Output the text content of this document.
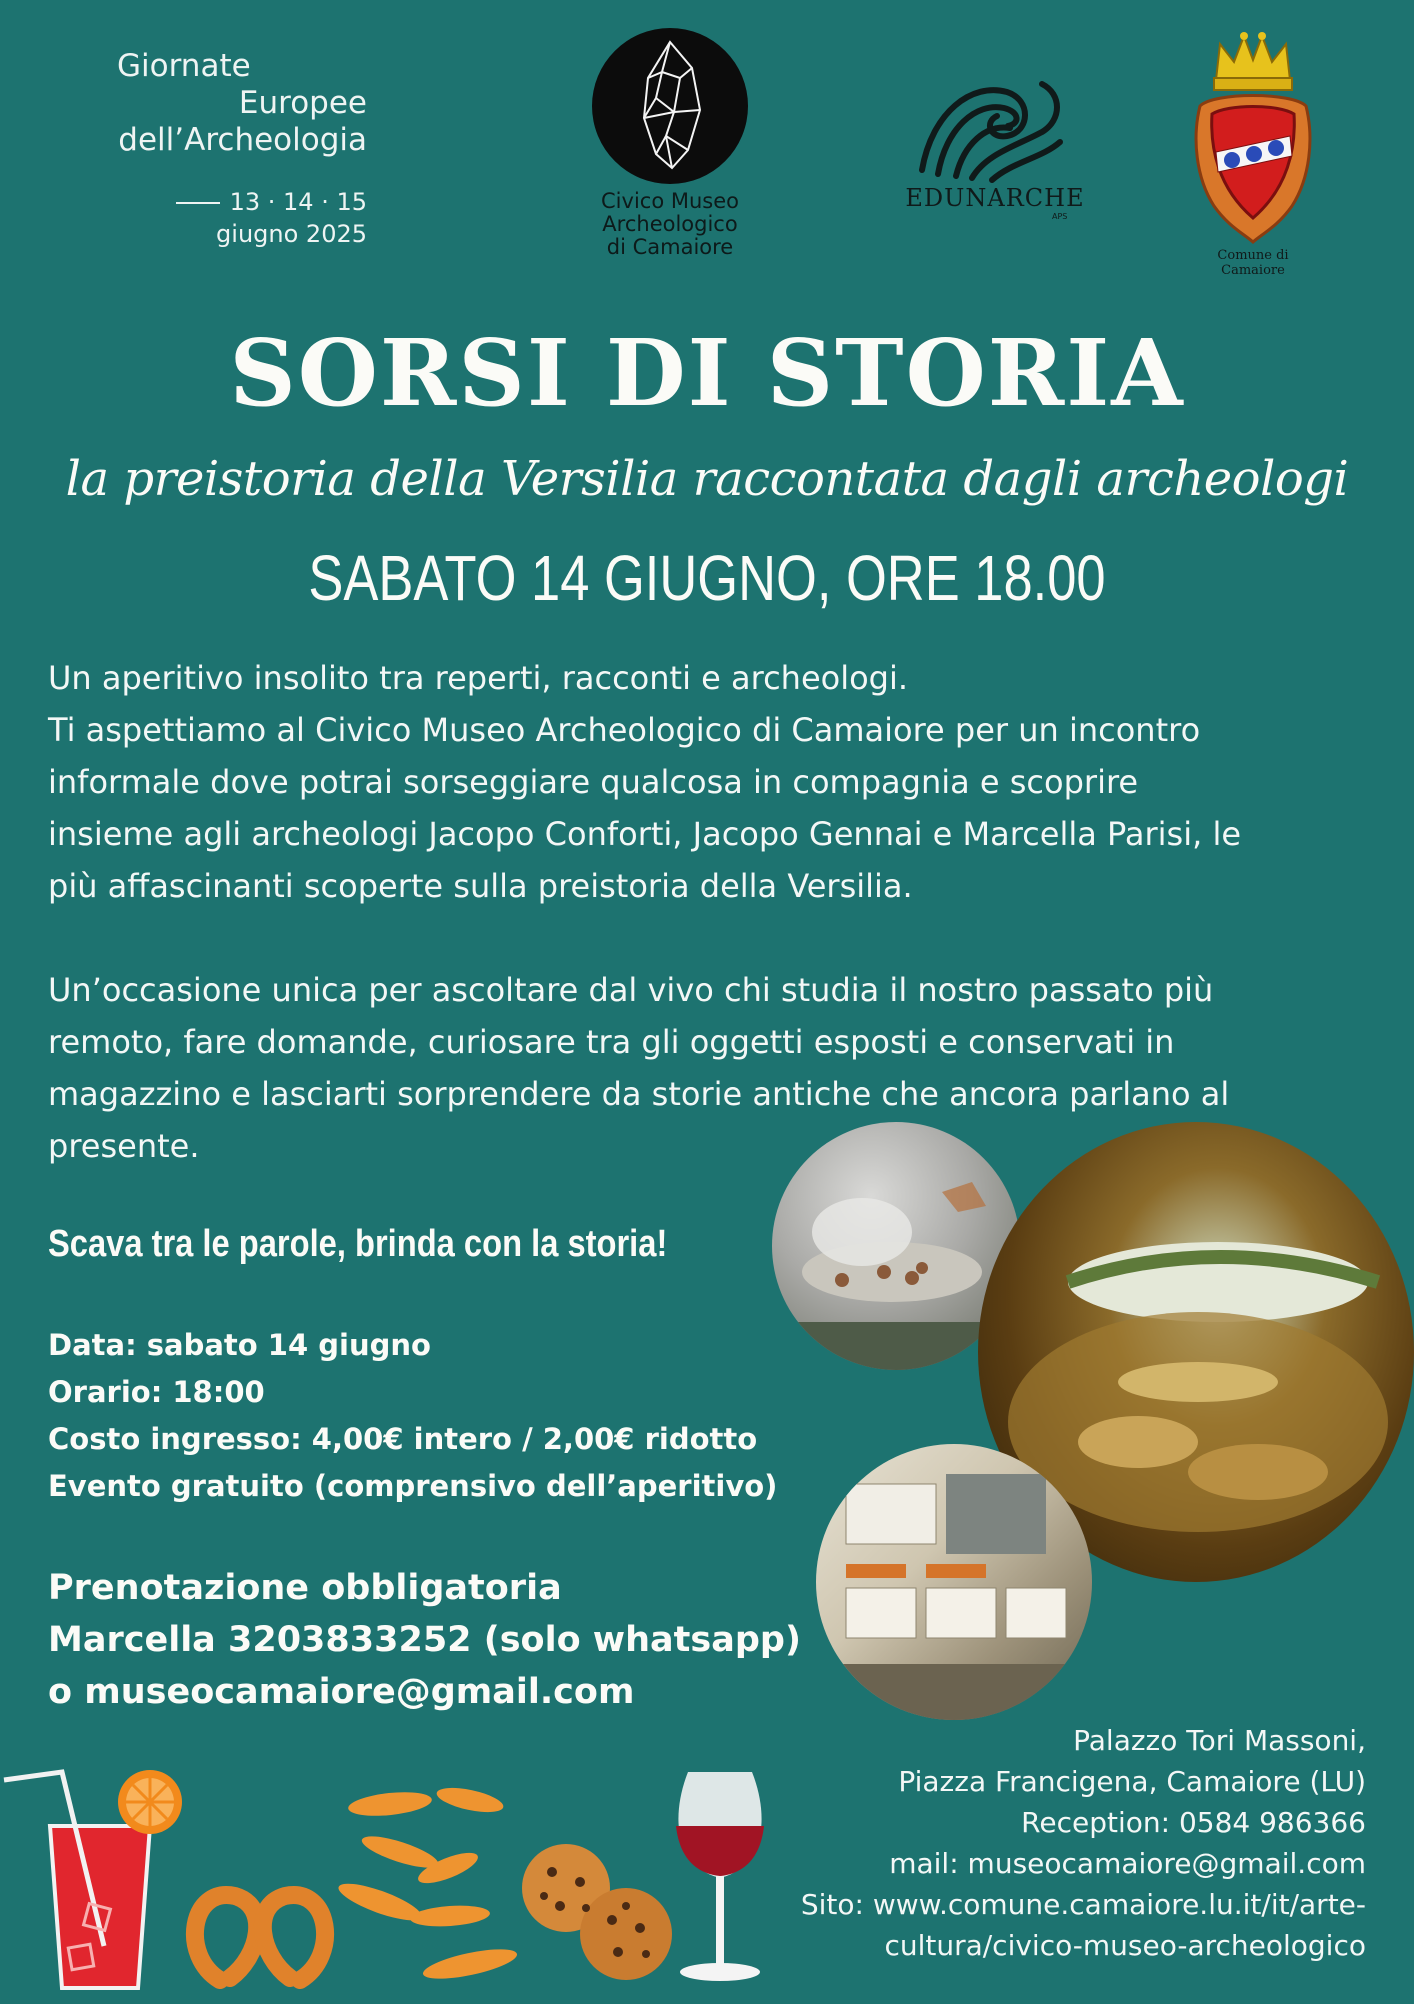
Giornate
Europee
dell’Archeologia
13 · 14 · 15
giugno 2025
Civico Museo
Archeologico
di Camaiore
EDUNARCHE
APS
Comune di Camaiore
SORSI DI STORIA
la preistoria della Versilia raccontata dagli archeologi
SABATO 14 GIUGNO, ORE 18.00

Un aperitivo insolito tra reperti, racconti e archeologi.

Ti aspettiamo al Civico Museo Archeologico di Camaiore per un incontro

informale dove potrai sorseggiare qualcosa in compagnia e scoprire

insieme agli archeologi Jacopo Conforti, Jacopo Gennai e Marcella Parisi, le

più affascinanti scoperte sulla preistoria della Versilia.

Un’occasione unica per ascoltare dal vivo chi studia il nostro passato più

remoto, fare domande, curiosare tra gli oggetti esposti e conservati in

magazzino e lasciarti sorprendere da storie antiche che ancora parlano al

presente.

Scava tra le parole, brinda con la storia!
Data: sabato 14 giugno
Orario: 18:00
Costo ingresso: 4,00€ intero / 2,00€ ridotto
Evento gratuito (comprensivo dell’aperitivo)
Prenotazione obbligatoria
Marcella 3203833252 (solo whatsapp)
o museocamaiore@gmail.com
Palazzo Tori Massoni,
Piazza Francigena, Camaiore (LU)
Reception: 0584 986366
mail: museocamaiore@gmail.com
Sito: www.comune.camaiore.lu.it/it/arte-
cultura/civico-museo-archeologico
